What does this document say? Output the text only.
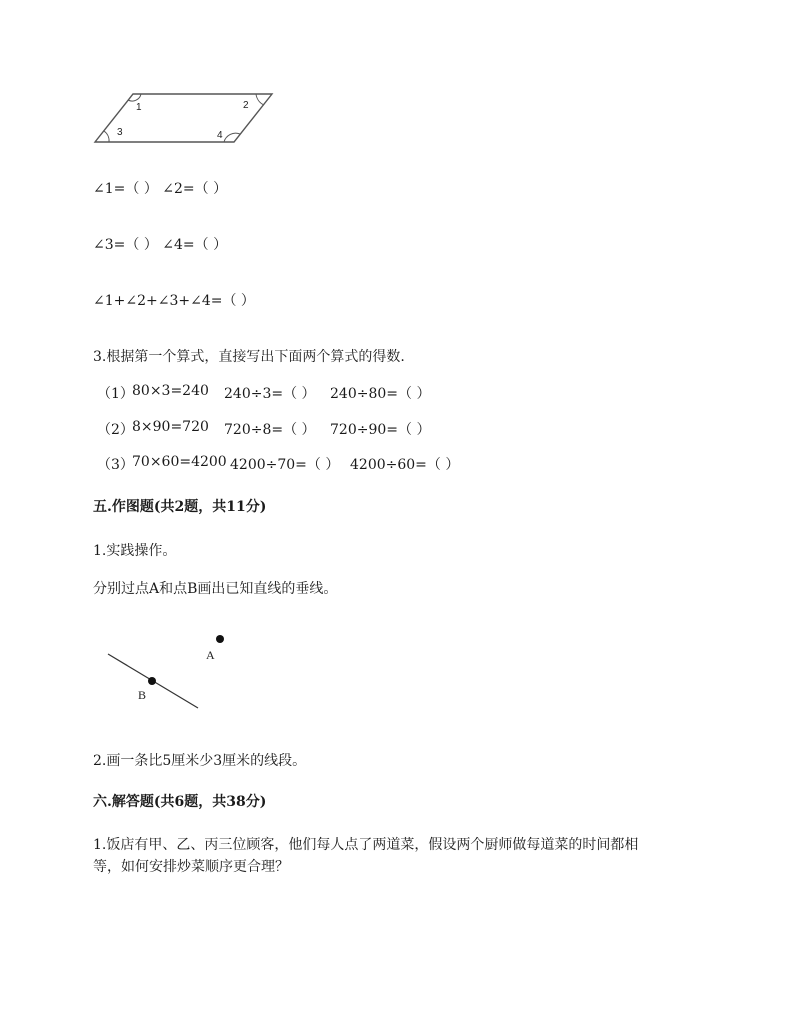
1	2
3	4
∠1=（ ） ∠2=（ ）
∠3=（ ） ∠4=（ ）
∠1+∠2+∠3+∠4=（ ）
3.根据第一个算式，直接写出下面两个算式的得数.
（1）
80×3=240 240÷3=（ ） 240÷80=（ ）
（2）
8×90=720 720÷8=（ ） 720÷90=（ ）
（3）
70×60=4200 4200÷70=（ ） 4200÷60=（ ）
五.作图题(共2题，共11分)
1.实践操作。
分别过点A和点B画出已知直线的垂线。
A
B
2.画一条比5厘米少3厘米的线段。
六.解答题(共6题，共38分)
1.饭店有甲、乙、丙三位顾客，他们每人点了两道菜，假设两个厨师做每道菜的时间都相
等，如何安排炒菜顺序更合理？
